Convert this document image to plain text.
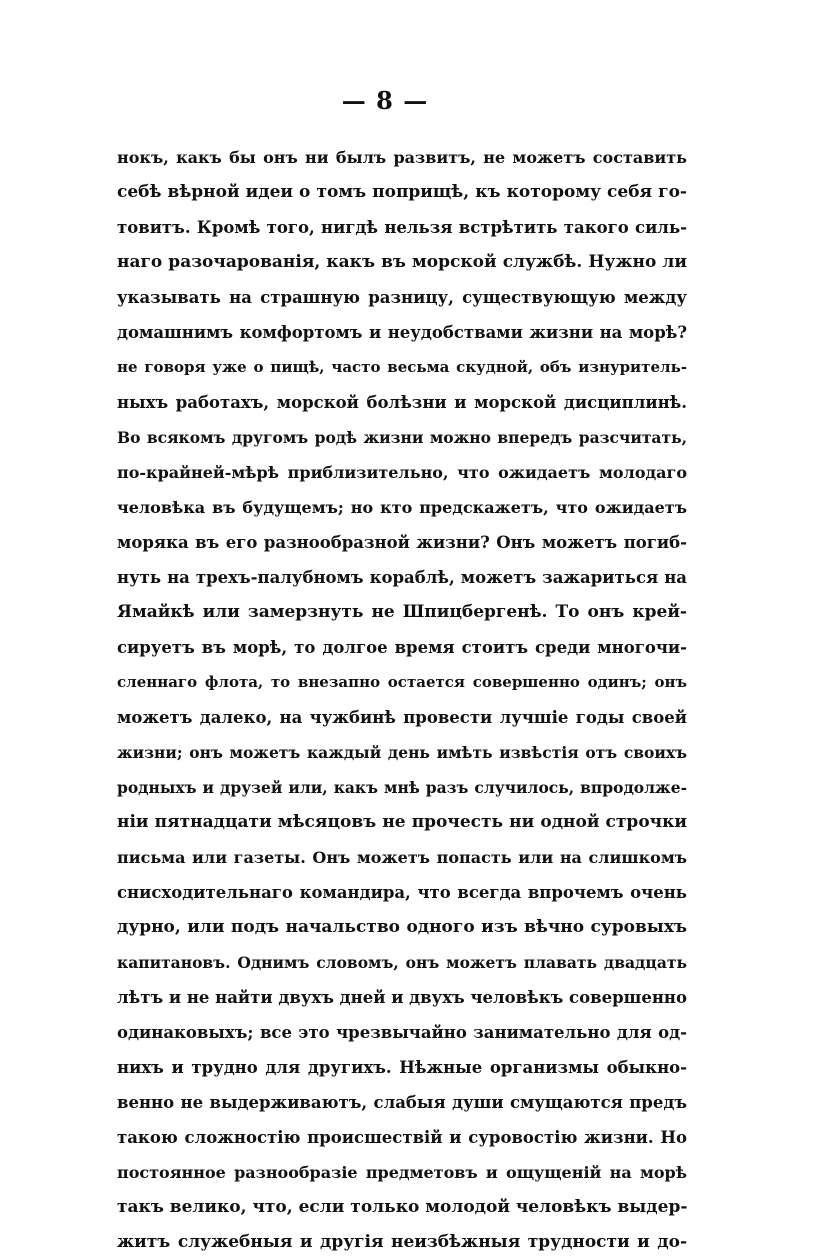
— 8 —
нокъ, какъ бы онъ ни былъ развитъ, не можетъ составить
себѣ вѣрной идеи о томъ поприщѣ, къ которому себя го-
товитъ. Кромѣ того, нигдѣ нельзя встрѣтить такого силь-
наго разочарованія, какъ въ морской службѣ. Нужно ли
указывать на страшную разницу, существующую между
домашнимъ комфортомъ и неудобствами жизни на морѣ?
не говоря уже о пищѣ, часто весьма скудной, объ изнуритель-
ныхъ работахъ, морской болѣзни и морской дисциплинѣ.
Во всякомъ другомъ родѣ жизни можно впередъ разсчитать,
по-крайней-мѣрѣ приблизительно, что ожидаетъ молодаго
человѣка въ будущемъ; но кто предскажетъ, что ожидаетъ
моряка въ его разнообразной жизни? Онъ можетъ погиб-
нуть на трехъ-палубномъ кораблѣ, можетъ зажариться на
Ямайкѣ или замерзнуть не Шпицбергенѣ. То онъ крей-
сируетъ въ морѣ, то долгое время стоитъ среди многочи-
сленнаго флота, то внезапно остается совершенно одинъ; онъ
можетъ далеко, на чужбинѣ провести лучшіе годы своей
жизни; онъ можетъ каждый день имѣть извѣстія отъ своихъ
родныхъ и друзей или, какъ мнѣ разъ случилось, впродолже-
ніи пятнадцати мѣсяцовъ не прочесть ни одной строчки
письма или газеты. Онъ можетъ попасть или на слишкомъ
снисходительнаго командира, что всегда впрочемъ очень
дурно, или подъ начальство одного изъ вѣчно суровыхъ
капитановъ. Однимъ словомъ, онъ можетъ плавать двадцать
лѣтъ и не найти двухъ дней и двухъ человѣкъ совершенно
одинаковыхъ; все это чрезвычайно занимательно для од-
нихъ и трудно для другихъ. Нѣжные организмы обыкно-
венно не выдерживаютъ, слабыя души смущаются предъ
такою сложностію происшествій и суровостію жизни. Но
постоянное разнообразіе предметовъ и ощущеній на морѣ
такъ велико, что, если только молодой человѣкъ выдер-
житъ служебныя и другія неизбѣжныя трудности и до-
